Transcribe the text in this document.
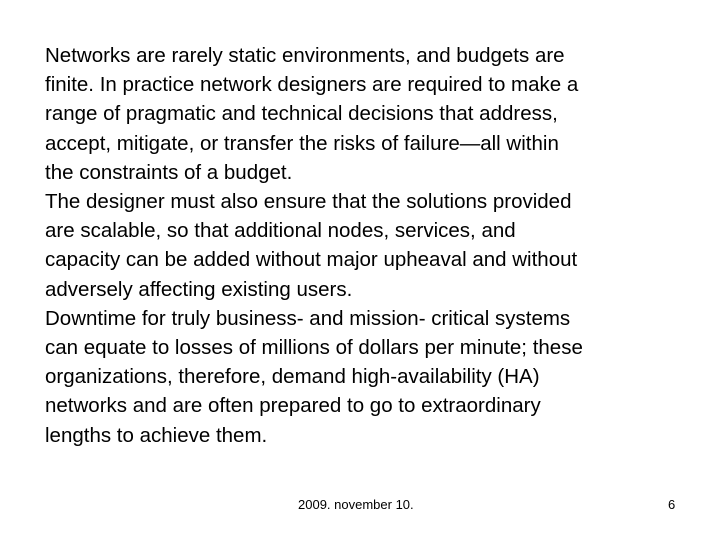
Networks are rarely static environments, and budgets are
finite. In practice network designers are required to make a
range of pragmatic and technical decisions that address,
accept, mitigate, or transfer the risks of failure—all within
the constraints of a budget.

The designer must also ensure that the solutions provided
are scalable, so that additional nodes, services, and
capacity can be added without major upheaval and without
adversely affecting existing users.

Downtime for truly business- and mission- critical systems
can equate to losses of millions of dollars per minute; these
organizations, therefore, demand high-availability (HA)
networks and are often prepared to go to extraordinary
lengths to achieve them.

2009. november 10.	6
